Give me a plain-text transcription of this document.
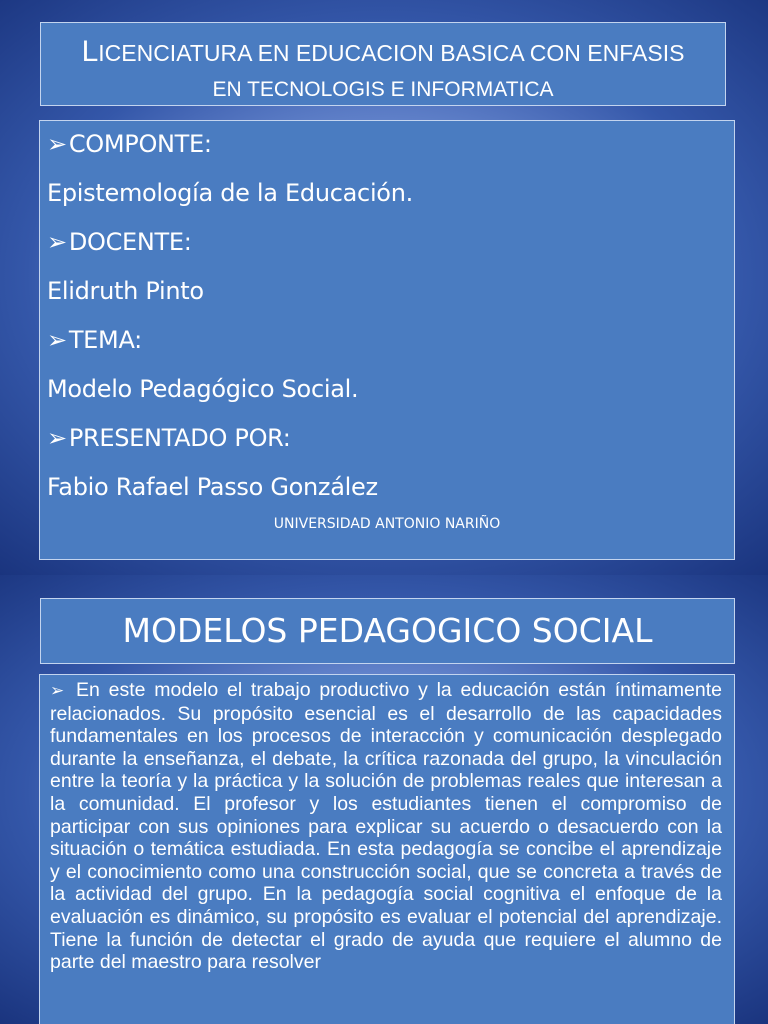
LICENCIATURA EN EDUCACION BASICA CON ENFASIS
EN TECNOLOGIS E INFORMATICA
➢COMPONTE:
Epistemología de la Educación.
➢DOCENTE:
Elidruth Pinto
➢TEMA:
Modelo Pedagógico Social.
➢PRESENTADO POR:
Fabio Rafael Passo González
UNIVERSIDAD ANTONIO NARIÑO
MODELOS PEDAGOGICO SOCIAL
➢ En este modelo el trabajo productivo y la educación están íntimamente relacionados. Su propósito esencial es el desarrollo de las capacidades fundamentales en los procesos de interacción y comunicación desplegado durante la enseñanza, el debate, la crítica razonada del grupo, la vinculación entre la teoría y la práctica y la solución de problemas reales que interesan a la comunidad. El profesor y los estudiantes tienen el compromiso de participar con sus opiniones para explicar su acuerdo o desacuerdo con la situación o temática estudiada. En esta pedagogía se concibe el aprendizaje y el conocimiento como una construcción social, que se concreta a través de la actividad del grupo. En la pedagogía social cognitiva el enfoque de la evaluación es dinámico, su propósito es evaluar el potencial del aprendizaje. Tiene la función de detectar el grado de ayuda que requiere el alumno de parte del maestro para resolver
